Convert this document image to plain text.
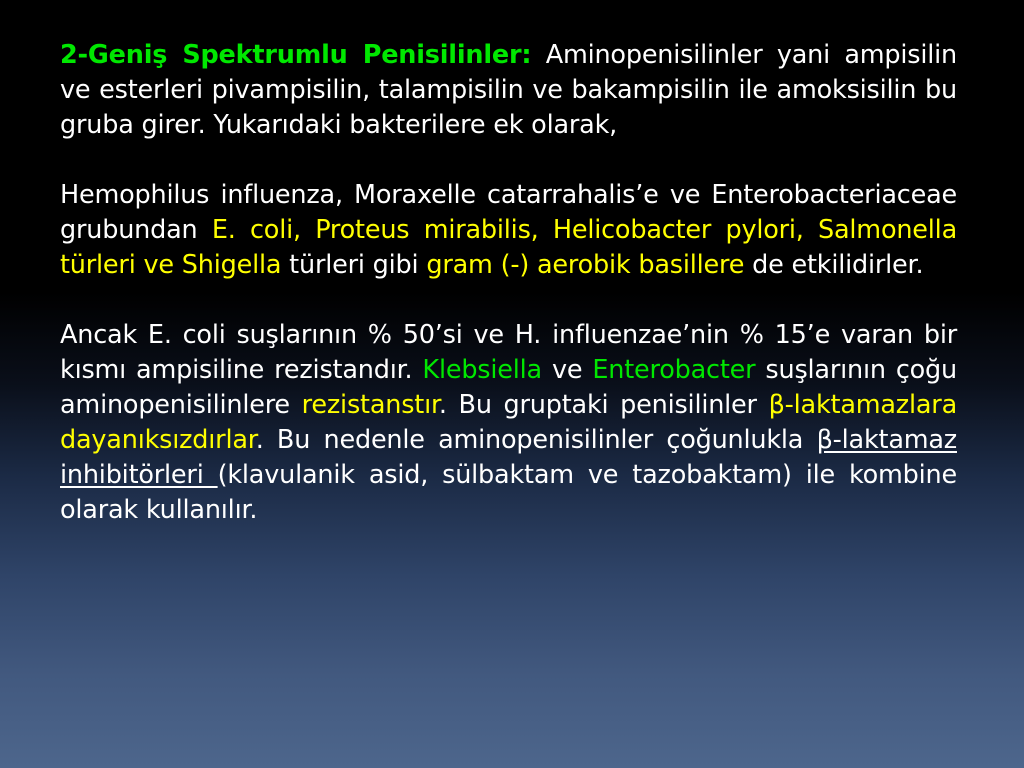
2-Geniş Spektrumlu Penisilinler: Aminopenisilinler yani ampisilin ve esterleri pivampisilin, talampisilin ve bakampisilin ile amoksisilin bu gruba girer. Yukarıdaki bakterilere ek olarak,

Hemophilus influenza, Moraxelle catarrahalis’e ve Enterobacteriaceae grubundan E. coli, Proteus mirabilis, Helicobacter pylori, Salmonella türleri ve Shigella türleri gibi gram (-) aerobik basillere de etkilidirler.

Ancak E. coli suşlarının % 50’si ve H. influenzae’nin % 15’e varan bir kısmı ampisiline rezistandır. Klebsiella ve Enterobacter suşlarının çoğu aminopenisilinlere rezistanstır. Bu gruptaki penisilinler β-laktamazlara dayanıksızdırlar. Bu nedenle aminopenisilinler çoğunlukla β-laktamaz inhibitörleri (klavulanik asid, sülbaktam ve tazobaktam) ile kombine olarak kullanılır.
